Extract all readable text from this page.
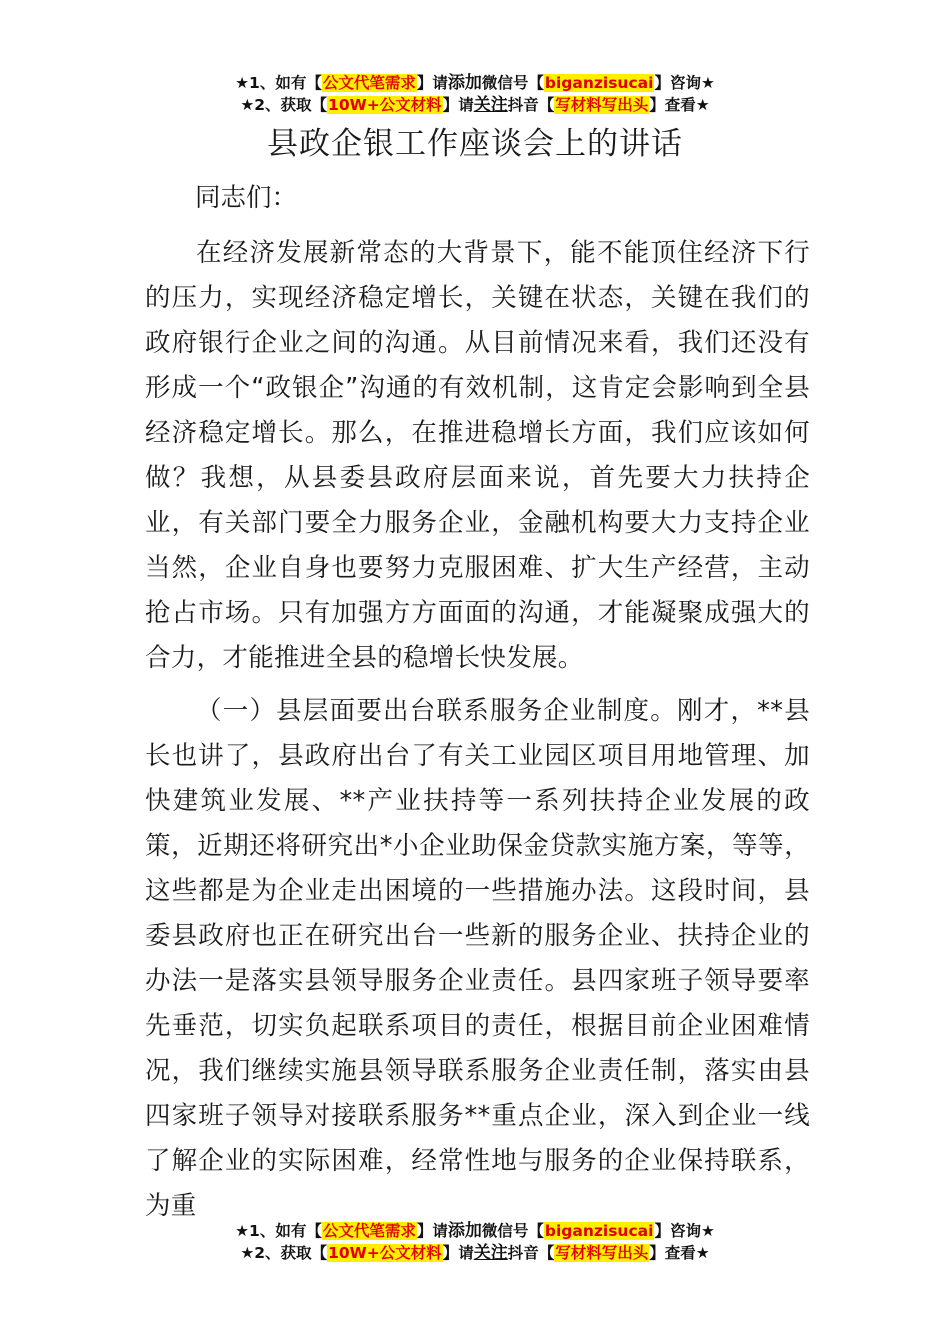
★1、如有【公文代笔需求】请添加微信号【biganzisucai】咨询★
★2、获取【10W+公文材料】请关注抖音【写材料写出头】查看★
县政企银工作座谈会上的讲话
同志们：

在经济发展新常态的大背景下，能不能顶住经济下行的压力，实现经济稳定增长，关键在状态，关键在我们的政府银行企业之间的沟通。从目前情况来看，我们还没有形成一个“政银企”沟通的有效机制，这肯定会影响到全县经济稳定增长。那么，在推进稳增长方面，我们应该如何做？我想，从县委县政府层面来说，首先要大力扶持企业，有关部门要全力服务企业，金融机构要大力支持企业当然，企业自身也要努力克服困难、扩大生产经营，主动抢占市场。只有加强方方面面的沟通，才能凝聚成强大的合力，才能推进全县的稳增长快发展。

（一）县层面要出台联系服务企业制度。刚才，**县长也讲了，县政府出台了有关工业园区项目用地管理、加快建筑业发展、**产业扶持等一系列扶持企业发展的政策，近期还将研究出*小企业助保金贷款实施方案，等等，这些都是为企业走出困境的一些措施办法。这段时间，县委县政府也正在研究出台一些新的服务企业、扶持企业的办法一是落实县领导服务企业责任。县四家班子领导要率先垂范，切实负起联系项目的责任，根据目前企业困难情况，我们继续实施县领导联系服务企业责任制，落实由县四家班子领导对接联系服务**重点企业，深入到企业一线了解企业的实际困难，经常性地与服务的企业保持联系，为重

★1、如有【公文代笔需求】请添加微信号【biganzisucai】咨询★
★2、获取【10W+公文材料】请关注抖音【写材料写出头】查看★
